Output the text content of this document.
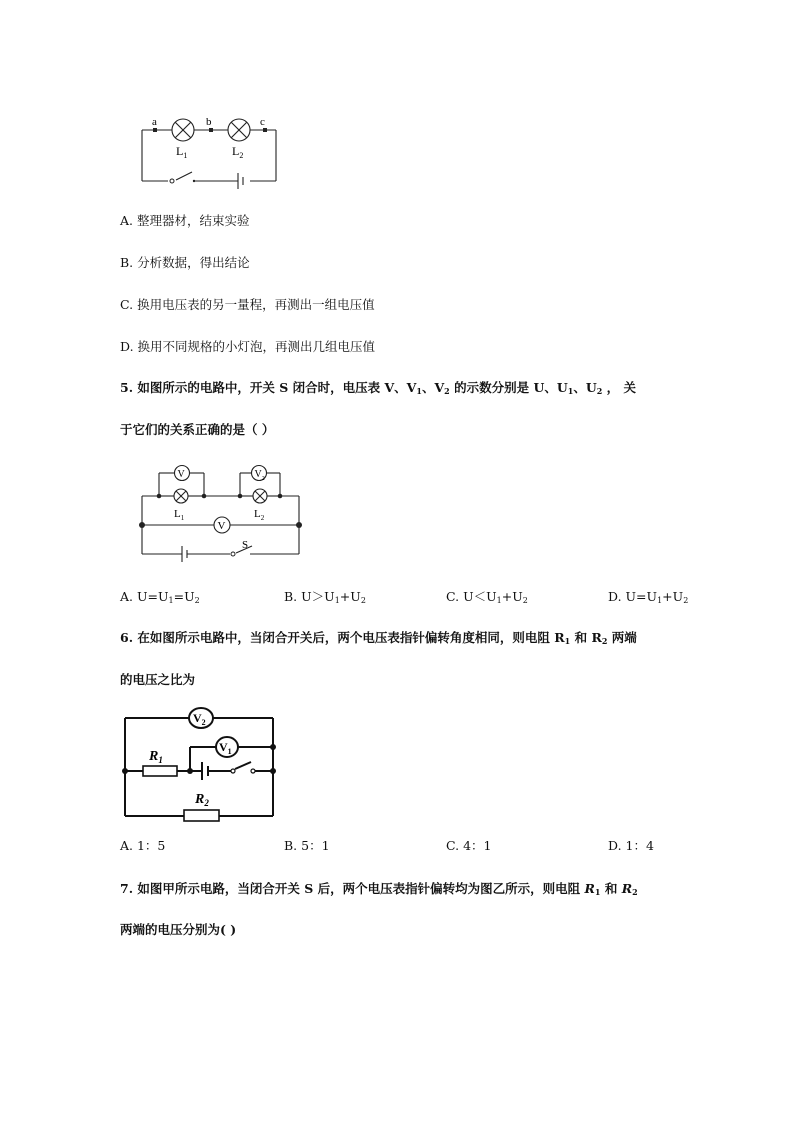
a	b	c
$L_1$	$L_2$
A. 整理器材，结束实验
B. 分析数据，得出结论
C. 换用电压表的另一量程，再测出一组电压值
D. 换用不同规格的小灯泡，再测出几组电压值
5. 如图所示的电路中，开关 S 闭合时，电压表 V、$V_1$、$V_2$ 的示数分别是 U、$U_1$、$U_2$ ， 关
于它们的关系正确的是（ ）
V	$V_2$
V
$L_1$	$L_2$
S
A. $U=U_1=U_2$	B. $U>U_1+U_2$	C. $U<U_1+U_2$	D. $U=U_1+U_2$
6. 在如图所示电路中，当闭合开关后，两个电压表指针偏转角度相同，则电阻 $R_1$ 和 $R_2$ 两端
的电压之比为
$V_2$
$V_1$
$R_1$
$R_2$
A. 1：5	B. 5：1	C. 4：1	D. 1：4
7. 如图甲所示电路，当闭合开关 S 后，两个电压表指针偏转均为图乙所示，则电阻 $R_1$ 和 $R_2$
两端的电压分别为( )
